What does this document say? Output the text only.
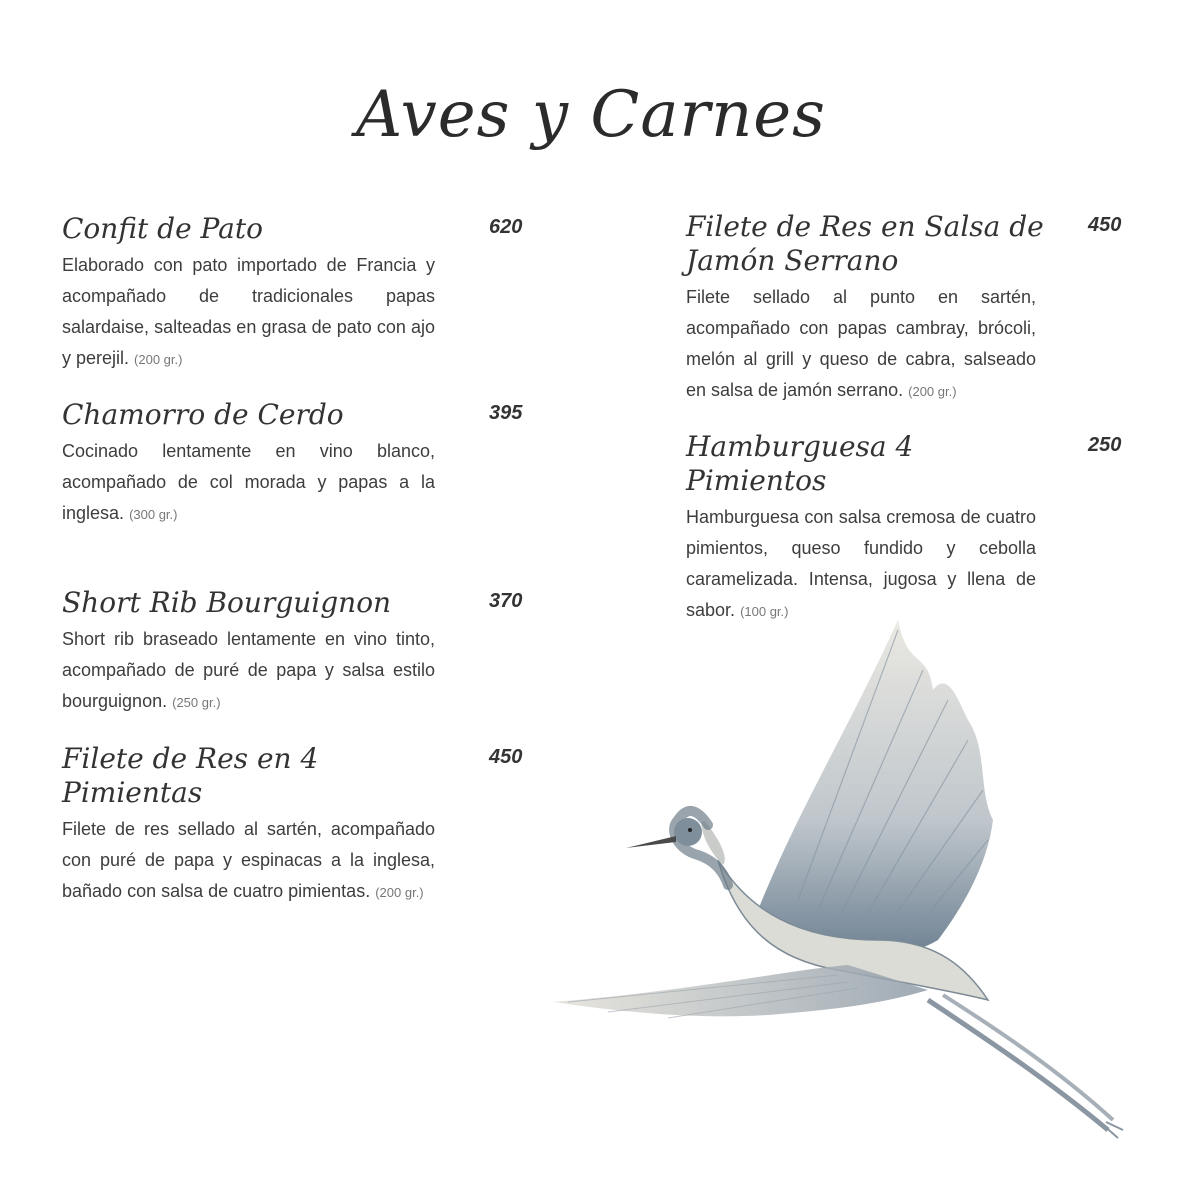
Aves y Carnes
Confit de Pato	620

Elaborado con pato importado de Francia y acompañado de tradicionales papas salardaise, salteadas en grasa de pato con ajo y perejil. (200 gr.)

Chamorro de Cerdo	395

Cocinado lentamente en vino blanco, acompañado de col morada y papas a la inglesa. (300 gr.)

Short Rib Bourguignon	370

Short rib braseado lentamente en vino tinto, acompañado de puré de papa y salsa estilo bourguignon. (250 gr.)

Filete de Res en 4 Pimientas
450

Filete de res sellado al sartén, acompañado con puré de papa y espinacas a la inglesa, bañado con salsa de cuatro pimientas. (200 gr.)

Filete de Res en Salsa de Jamón Serrano
450

Filete sellado al punto en sartén, acompañado con papas cambray, brócoli, melón al grill y queso de cabra, salseado en salsa de jamón serrano. (200 gr.)

Hamburguesa 4 Pimientos
250

Hamburguesa con salsa cremosa de cuatro pimientos, queso fundido y cebolla caramelizada. Intensa, jugosa y llena de sabor. (100 gr.)
